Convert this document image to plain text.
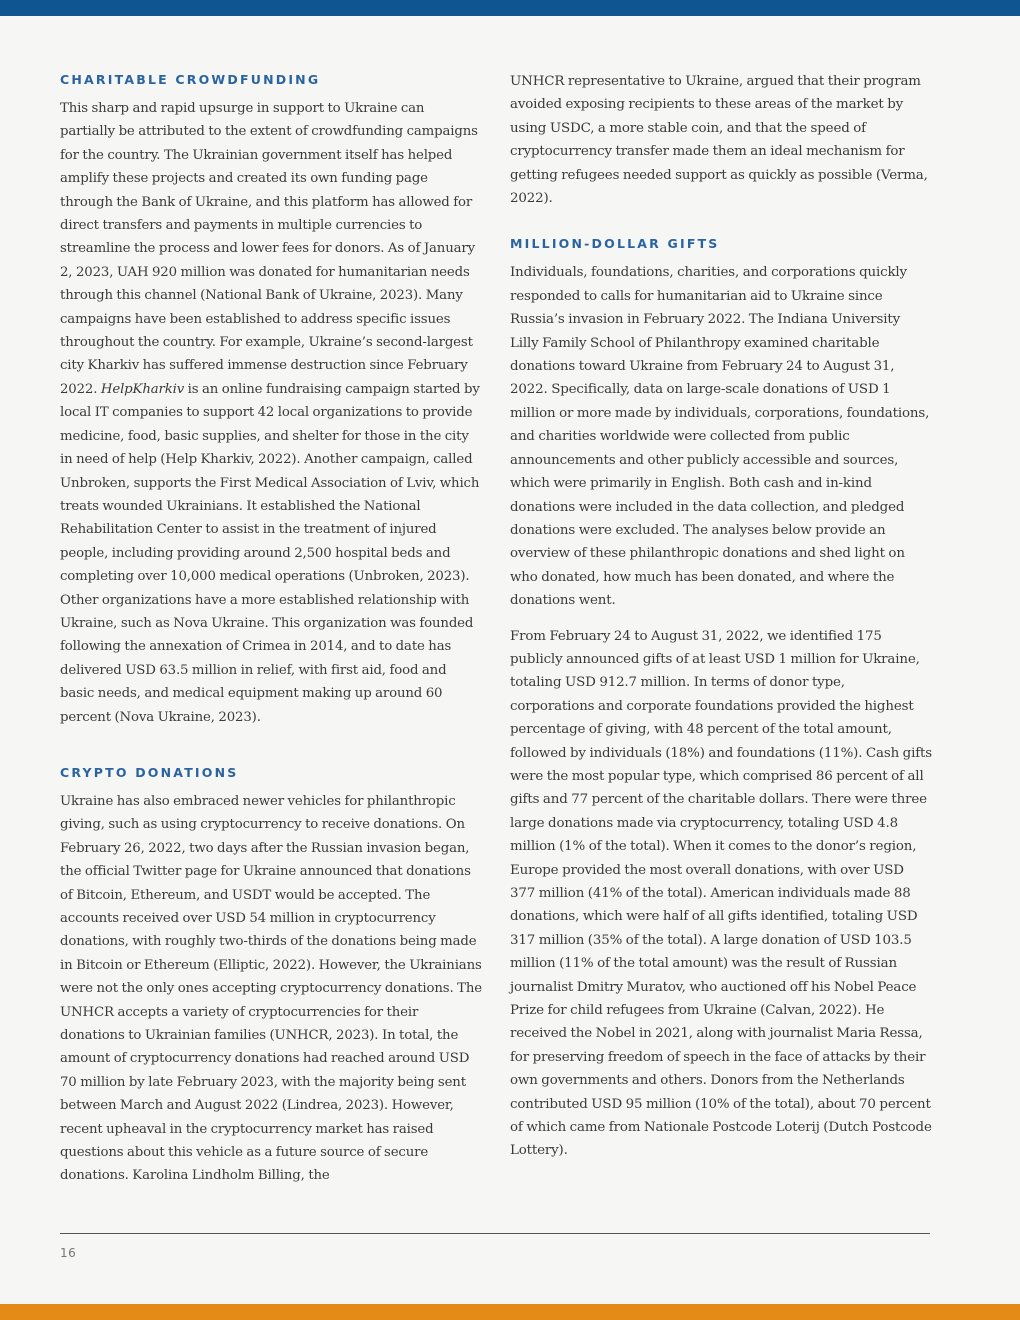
CHARITABLE CROWDFUNDING

This sharp and rapid upsurge in support to Ukraine can partially be attributed to the extent of crowdfunding campaigns for the country. The Ukrainian government itself has helped amplify these projects and created its own funding page through the Bank of Ukraine, and this platform has allowed for direct transfers and payments in multiple currencies to streamline the process and lower fees for donors. As of January 2, 2023, UAH 920 million was donated for humanitarian needs through this channel (National Bank of Ukraine, 2023). Many campaigns have been established to address specific issues throughout the country. For example, Ukraine’s second-largest city Kharkiv has suffered immense destruction since February 2022. HelpKharkiv is an online fundraising campaign started by local IT companies to support 42 local organizations to provide medicine, food, basic supplies, and shelter for those in the city in need of help (Help Kharkiv, 2022). Another campaign, called Unbroken, supports the First Medical Association of Lviv, which treats wounded Ukrainians. It established the National Rehabilitation Center to assist in the treatment of injured people, including providing around 2,500 hospital beds and completing over 10,000 medical operations (Unbroken, 2023). Other organizations have a more established relationship with Ukraine, such as Nova Ukraine. This organization was founded following the annexation of Crimea in 2014, and to date has delivered USD 63.5 million in relief, with first aid, food and basic needs, and medical equipment making up around 60 percent (Nova Ukraine, 2023).

CRYPTO DONATIONS

Ukraine has also embraced newer vehicles for philanthropic giving, such as using cryptocurrency to receive donations. On February 26, 2022, two days after the Russian invasion began, the official Twitter page for Ukraine announced that donations of Bitcoin, Ethereum, and USDT would be accepted. The accounts received over USD 54 million in cryptocurrency donations, with roughly two-thirds of the donations being made in Bitcoin or Ethereum (Elliptic, 2022). However, the Ukrainians were not the only ones accepting cryptocurrency donations. The UNHCR accepts a variety of cryptocurrencies for their donations to Ukrainian families (UNHCR, 2023). In total, the amount of cryptocurrency donations had reached around USD 70 million by late February 2023, with the majority being sent between March and August 2022 (Lindrea, 2023). However, recent upheaval in the cryptocurrency market has raised questions about this vehicle as a future source of secure donations. Karolina Lindholm Billing, the

UNHCR representative to Ukraine, argued that their program avoided exposing recipients to these areas of the market by using USDC, a more stable coin, and that the speed of cryptocurrency transfer made them an ideal mechanism for getting refugees needed support as quickly as possible (Verma, 2022).

MILLION-DOLLAR GIFTS

Individuals, foundations, charities, and corporations quickly responded to calls for humanitarian aid to Ukraine since Russia’s invasion in February 2022. The Indiana University Lilly Family School of Philanthropy examined charitable donations toward Ukraine from February 24 to August 31, 2022. Specifically, data on large-scale donations of USD 1 million or more made by individuals, corporations, foundations, and charities worldwide were collected from public announcements and other publicly accessible and sources, which were primarily in English. Both cash and in-kind donations were included in the data collection, and pledged donations were excluded. The analyses below provide an overview of these philanthropic donations and shed light on who donated, how much has been donated, and where the donations went.

From February 24 to August 31, 2022, we identified 175 publicly announced gifts of at least USD 1 million for Ukraine, totaling USD 912.7 million. In terms of donor type, corporations and corporate foundations provided the highest percentage of giving, with 48 percent of the total amount, followed by individuals (18%) and foundations (11%). Cash gifts were the most popular type, which comprised 86 percent of all gifts and 77 percent of the charitable dollars. There were three large donations made via cryptocurrency, totaling USD 4.8 million (1% of the total). When it comes to the donor’s region, Europe provided the most overall donations, with over USD 377 million (41% of the total). American individuals made 88 donations, which were half of all gifts identified, totaling USD 317 million (35% of the total). A large donation of USD 103.5 million (11% of the total amount) was the result of Russian journalist Dmitry Muratov, who auctioned off his Nobel Peace Prize for child refugees from Ukraine (Calvan, 2022). He received the Nobel in 2021, along with journalist Maria Ressa, for preserving freedom of speech in the face of attacks by their own governments and others. Donors from the Netherlands contributed USD 95 million (10% of the total), about 70 percent of which came from Nationale Postcode Loterij (Dutch Postcode Lottery).

16
